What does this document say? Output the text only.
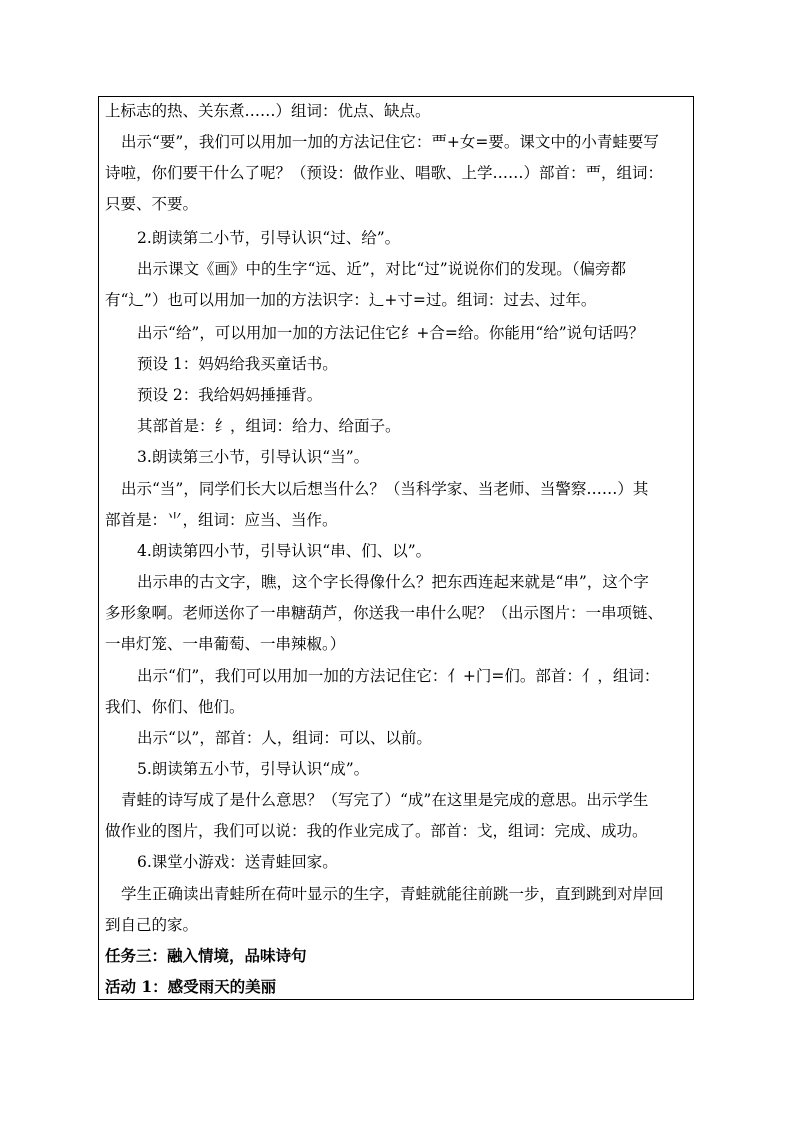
上标志的热、关东煮……）组词：优点、缺点。
出示“要”，我们可以用加一加的方法记住它：覀+女=要。课文中的小青蛙要写
诗啦，你们要干什么了呢？（预设：做作业、唱歌、上学……）部首：覀，组词：
只要、不要。
2.朗读第二小节，引导认识“过、给”。
出示课文《画》中的生字“远、近”，对比“过”说说你们的发现。（偏旁都
有“辶”）也可以用加一加的方法识字：辶+寸=过。组词：过去、过年。
出示“给”，可以用加一加的方法记住它纟+合=给。你能用“给”说句话吗？
预设 1：妈妈给我买童话书。
预设 2：我给妈妈捶捶背。
其部首是：纟，组词：给力、给面子。
3.朗读第三小节，引导认识“当”。
出示“当”，同学们长大以后想当什么？（当科学家、当老师、当警察……）其
部首是：⺌，组词：应当、当作。
4.朗读第四小节，引导认识“串、们、以”。
出示串的古文字，瞧，这个字长得像什么？把东西连起来就是“串”，这个字
多形象啊。老师送你了一串糖葫芦，你送我一串什么呢？（出示图片：一串项链、
一串灯笼、一串葡萄、一串辣椒。）
出示“们”，我们可以用加一加的方法记住它：亻+门=们。部首：亻，组词：
我们、你们、他们。
出示“以”，部首：人，组词：可以、以前。
5.朗读第五小节，引导认识“成”。
青蛙的诗写成了是什么意思？（写完了）“成”在这里是完成的意思。出示学生
做作业的图片，我们可以说：我的作业完成了。部首：戈，组词：完成、成功。
6.课堂小游戏：送青蛙回家。
学生正确读出青蛙所在荷叶显示的生字，青蛙就能往前跳一步，直到跳到对岸回
到自己的家。
任务三：融入情境，品味诗句
活动 1：感受雨天的美丽
